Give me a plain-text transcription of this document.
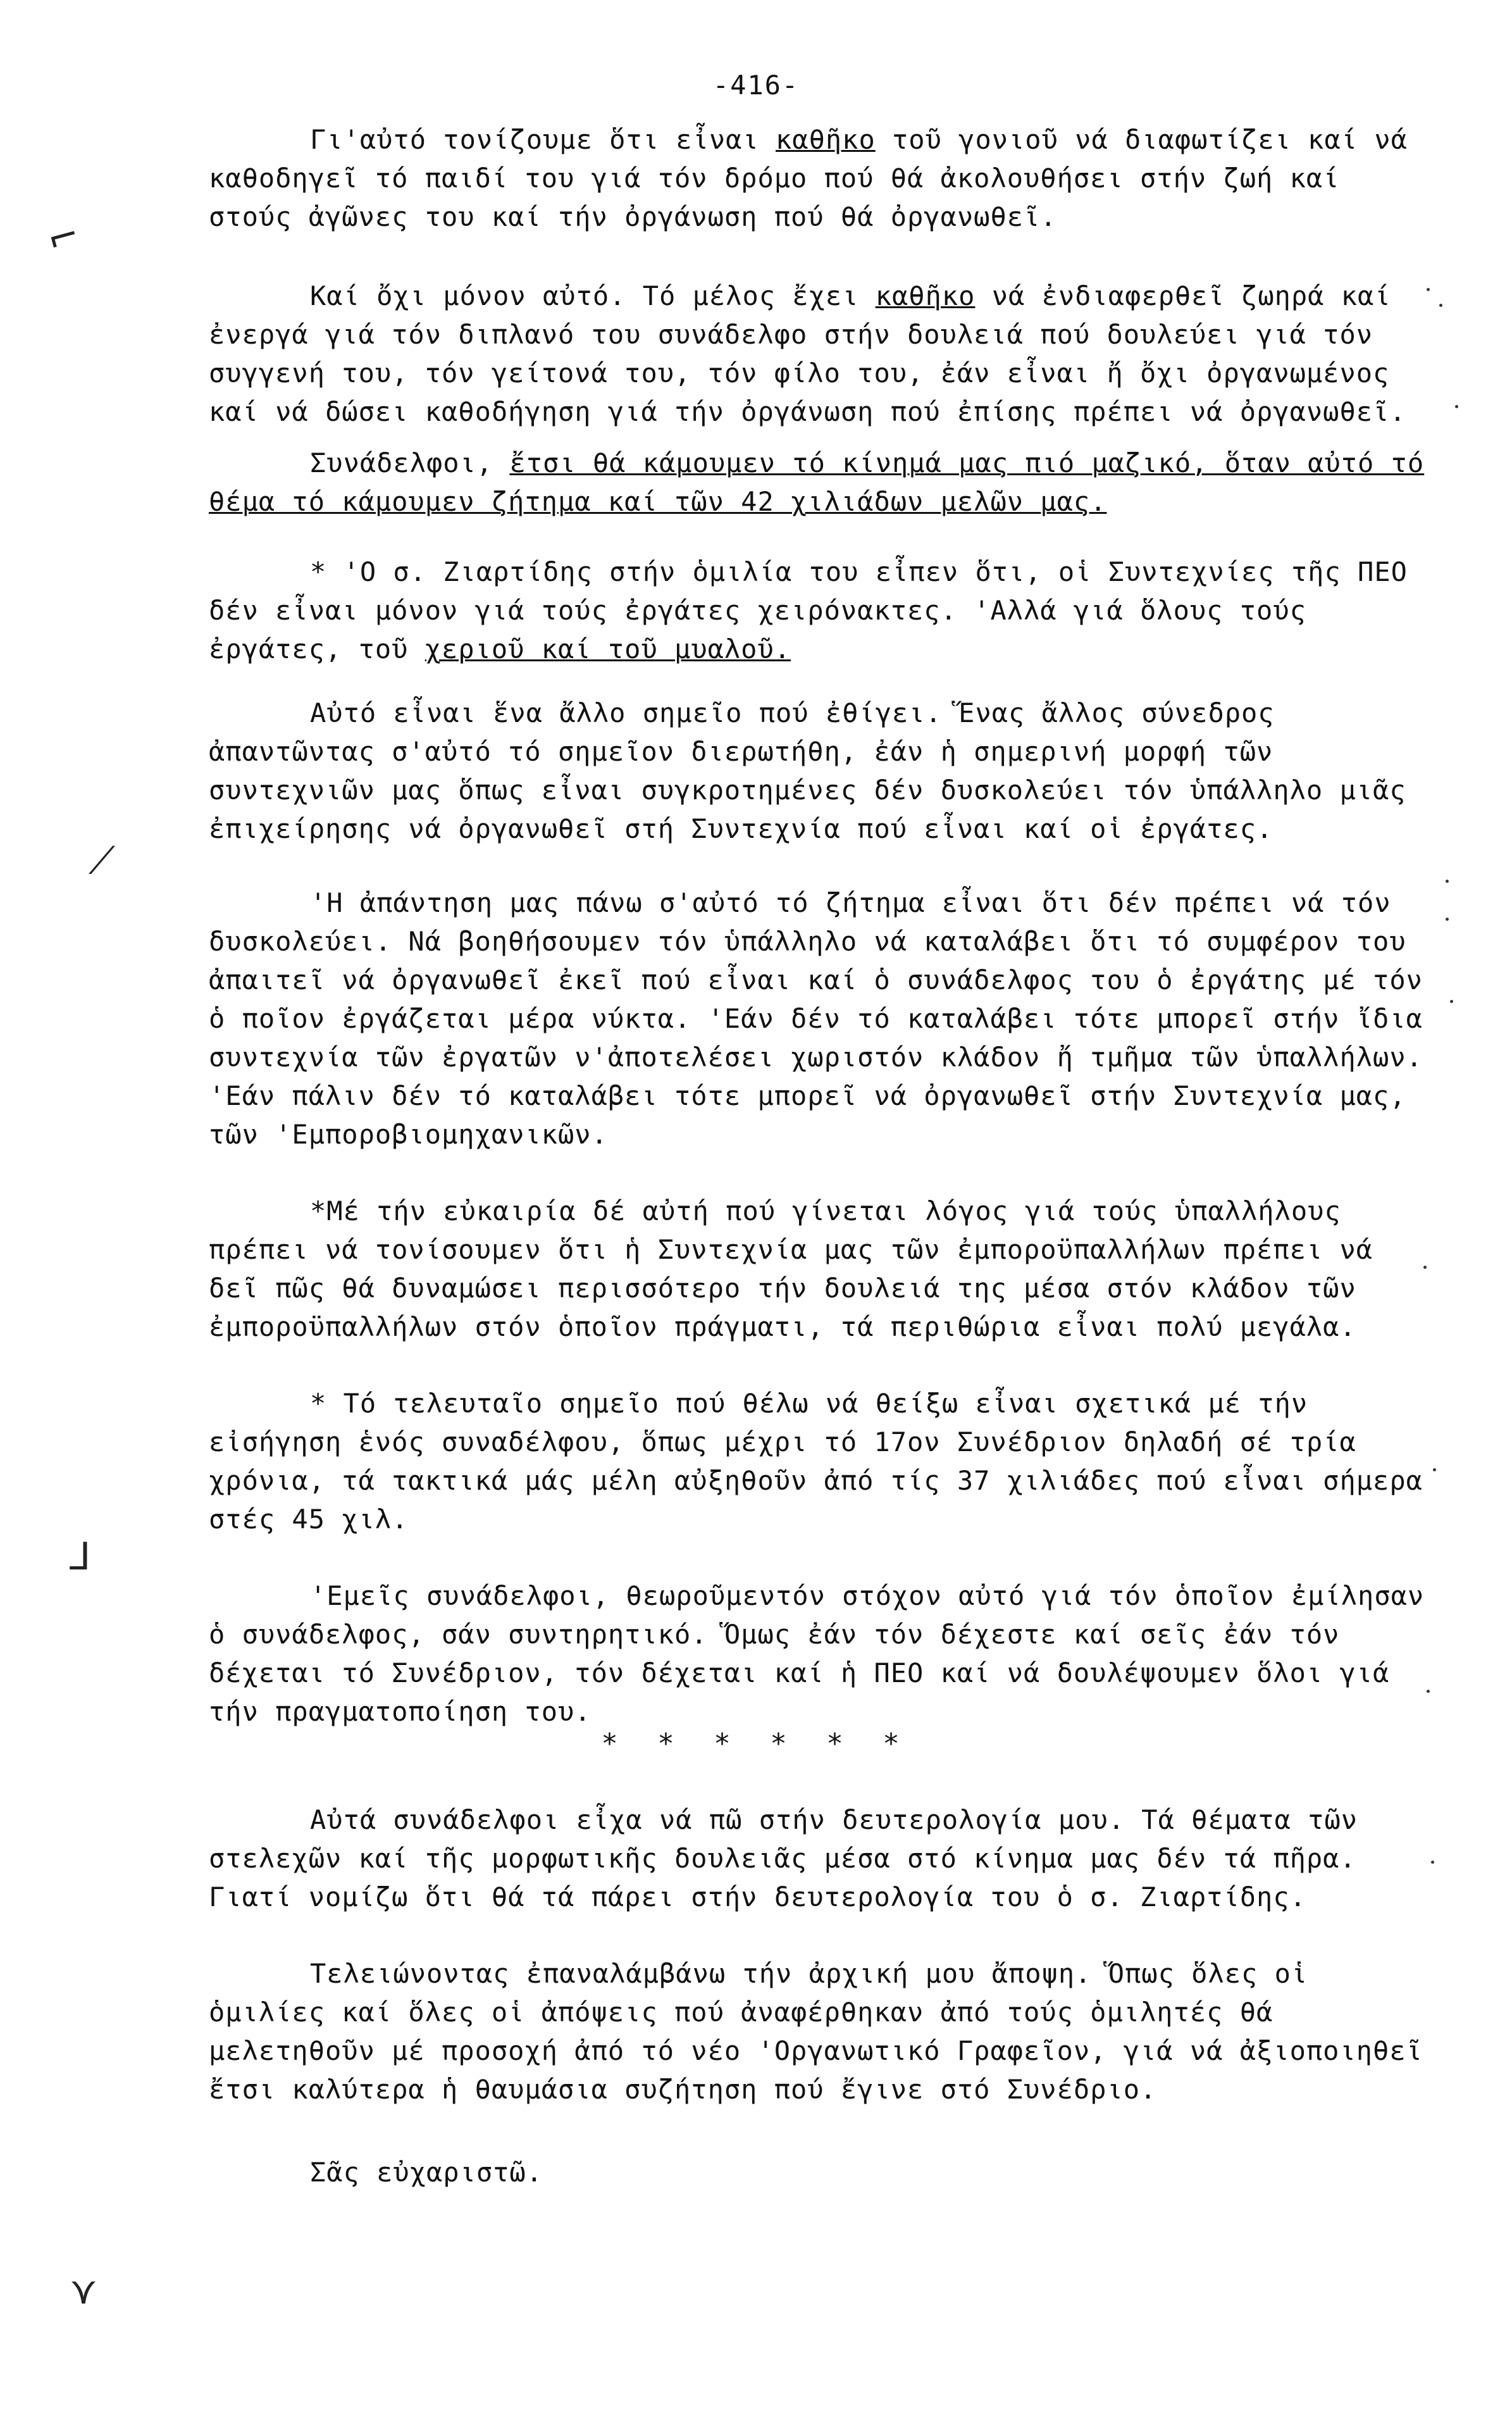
-416-

Γι'αὐτό τονίζουμε ὅτι εἶναι καθῆκο τοῦ γονιοῦ νά διαφωτίζει καί νά καθοδηγεῖ τό παιδί του γιά τόν δρόμο πού θά ἀκολουθήσει στήν ζωή καί στούς ἀγῶνες του καί τήν ὀργάνωση πού θά ὀργανωθεῖ.

Καί ὄχι μόνον αὐτό. Τό μέλος ἔχει καθῆκο νά ἐνδιαφερθεῖ ζωηρά καί ἐνεργά γιά τόν διπλανό του συνάδελφο στήν δουλειά πού δουλεύει γιά τόν συγγενή του, τόν γείτονά του, τόν φίλο του, ἐάν εἶναι ἤ ὄχι ὀργανωμένος καί νά δώσει καθοδήγηση γιά τήν ὀργάνωση πού ἐπίσης πρέπει νά ὀργανωθεῖ.

Συνάδελφοι, ἔτσι θά κάμουμεν τό κίνημά μας πιό μαζικό, ὅταν αὐτό τό θέμα τό κάμουμεν ζήτημα καί τῶν 42 χιλιάδων μελῶν μας.

* 'Ο σ. Ζιαρτίδης στήν ὁμιλία του εἶπεν ὅτι, οἱ Συντεχνίες τῆς ΠΕΟ δέν εἶναι μόνον γιά τούς ἐργάτες χειρόνακτες. 'Αλλά γιά ὅλους τούς ἐργάτες, τοῦ χεριοῦ καί τοῦ μυαλοῦ.

Αὐτό εἶναι ἕνα ἄλλο σημεῖο πού ἐθίγει. Ἕνας ἄλλος σύνεδρος ἀπαντῶντας σ'αὐτό τό σημεῖον διερωτήθη, ἐάν ἡ σημερινή μορφή τῶν συντεχνιῶν μας ὅπως εἶναι συγκροτημένες δέν δυσκολεύει τόν ὑπάλληλο μιᾶς ἐπιχείρησης νά ὀργανωθεῖ στή Συντεχνία πού εἶναι καί οἱ ἐργάτες.

'Η ἀπάντηση μας πάνω σ'αὐτό τό ζήτημα εἶναι ὅτι δέν πρέπει νά τόν δυσκολεύει. Νά βοηθήσουμεν τόν ὑπάλληλο νά καταλάβει ὅτι τό συμφέρον του ἀπαιτεῖ νά ὀργανωθεῖ ἐκεῖ πού εἶναι καί ὁ συνάδελφος του ὁ ἐργάτης μέ τόν ὁ ποῖον ἐργάζεται μέρα νύκτα. 'Εάν δέν τό καταλάβει τότε μπορεῖ στήν ἴδια συντεχνία τῶν ἐργατῶν ν'ἀποτελέσει χωριστόν κλάδον ἤ τμῆμα τῶν ὑπαλλήλων. 'Εάν πάλιν δέν τό καταλάβει τότε μπορεῖ νά ὀργανωθεῖ στήν Συντεχνία μας, τῶν 'Εμποροβιομηχανικῶν.

*Μέ τήν εὐκαιρία δέ αὐτή πού γίνεται λόγος γιά τούς ὑπαλλήλους πρέπει νά τονίσουμεν ὅτι ἡ Συντεχνία μας τῶν ἐμποροϋπαλλήλων πρέπει νά δεῖ πῶς θά δυναμώσει περισσότερο τήν δουλειά της μέσα στόν κλάδον τῶν ἐμποροϋπαλλήλων στόν ὁποῖον πράγματι, τά περιθώρια εἶναι πολύ μεγάλα.

* Τό τελευταῖο σημεῖο πού θέλω νά θείξω εἶναι σχετικά μέ τήν εἰσήγηση ἑνός συναδέλφου, ὅπως μέχρι τό 17ον Συνέδριον δηλαδή σέ τρία χρόνια, τά τακτικά μάς μέλη αὐξηθοῦν ἀπό τίς 37 χιλιάδες πού εἶναι σήμερα στές 45 χιλ.

'Εμεῖς συνάδελφοι, θεωροῦμεντόν στόχον αὐτό γιά τόν ὁποῖον ἐμίλησαν ὁ συνάδελφος, σάν συντηρητικό. Ὅμως ἐάν τόν δέχεστε καί σεῖς ἐάν τόν δέχεται τό Συνέδριον, τόν δέχεται καί ἡ ΠΕΟ καί νά δουλέψουμεν ὅλοι γιά τήν πραγματοποίηση του.

* * * * * *

Αὐτά συνάδελφοι εἶχα νά πῶ στήν δευτερολογία μου. Τά θέματα τῶν στελεχῶν καί τῆς μορφωτικῆς δουλειᾶς μέσα στό κίνημα μας δέν τά πῆρα. Γιατί νομίζω ὅτι θά τά πάρει στήν δευτερολογία του ὁ σ. Ζιαρτίδης.

Τελειώνοντας ἐπαναλάμβάνω τήν ἀρχική μου ἄποψη. Ὅπως ὅλες οἱ ὁμιλίες καί ὅλες οἱ ἀπόψεις πού ἀναφέρθηκαν ἀπό τούς ὁμιλητές θά μελετηθοῦν μέ προσοχή ἀπό τό νέο 'Οργανωτικό Γραφεῖον, γιά νά ἀξιοποιηθεῖ ἔτσι καλύτερα ἡ θαυμάσια συζήτηση πού ἔγινε στό Συνέδριο.

Σᾶς εὐχαριστῶ.

⌐
⟋
⅃
⋎
